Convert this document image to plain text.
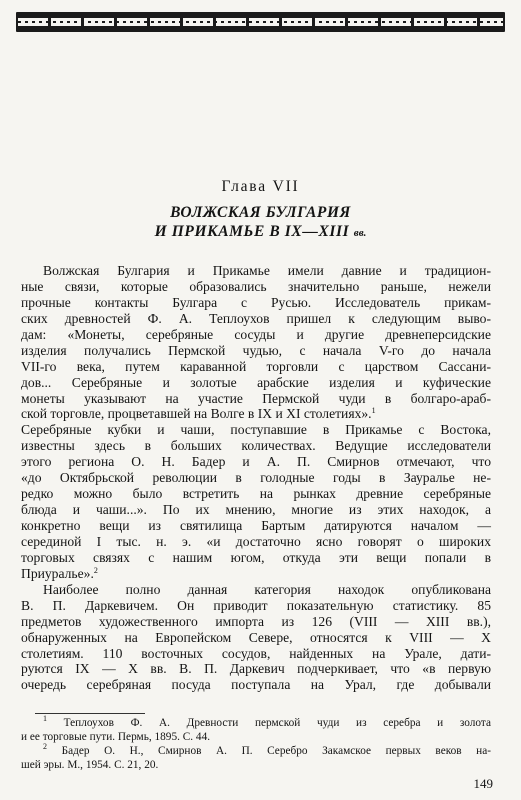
Глава VII
ВОЛЖСКАЯ БУЛГАРИЯ
И ПРИКАМЬЕ В IX—XIII вв.
Волжская Булгария и Прикамье имели давние и традицион-
ные связи, которые образовались значительно раньше, нежели
прочные контакты Булгара с Русью. Исследователь прикам-
ских древностей Ф. А. Теплоухов пришел к следующим выво-
дам: «Монеты, серебряные сосуды и другие древнеперсидские
изделия получались Пермской чудью, с начала V-го до начала
VII-го века, путем караванной торговли с царством Сассани-
дов... Серебряные и золотые арабские изделия и куфические
монеты указывают на участие Пермской чуди в болгаро-араб-
ской торговле, процветавшей на Волге в IX и XI столетиях».$^1$
Серебряные кубки и чаши, поступавшие в Прикамье с Востока,
известны здесь в больших количествах. Ведущие исследователи
этого региона О. Н. Бадер и А. П. Смирнов отмечают, что
«до Октябрьской революции в голодные годы в Зауралье не-
редко можно было встретить на рынках древние серебряные
блюда и чаши...». По их мнению, многие из этих находок, а
конкретно вещи из святилища Бартым датируются началом —
серединой I тыс. н. э. «и достаточно ясно говорят о широких
торговых связях с нашим югом, откуда эти вещи попали в
Приуралье».$^2$
Наиболее полно данная категория находок опубликована
В. П. Даркевичем. Он приводит показательную статистику. 85
предметов художественного импорта из 126 (VIII — XIII вв.),
обнаруженных на Европейском Севере, относятся к VIII — X
столетиям. 110 восточных сосудов, найденных на Урале, дати-
руются IX — X вв. В. П. Даркевич подчеркивает, что «в первую
очередь серебряная посуда поступала на Урал, где добывали
$^1$ Теплоухов Ф. А. Древности пермской чуди из серебра и золота
и ее торговые пути. Пермь, 1895. С. 44.
$^2$ Бадер О. Н., Смирнов А. П. Серебро Закамское первых веков на-
шей эры. М., 1954. С. 21, 20.
149
